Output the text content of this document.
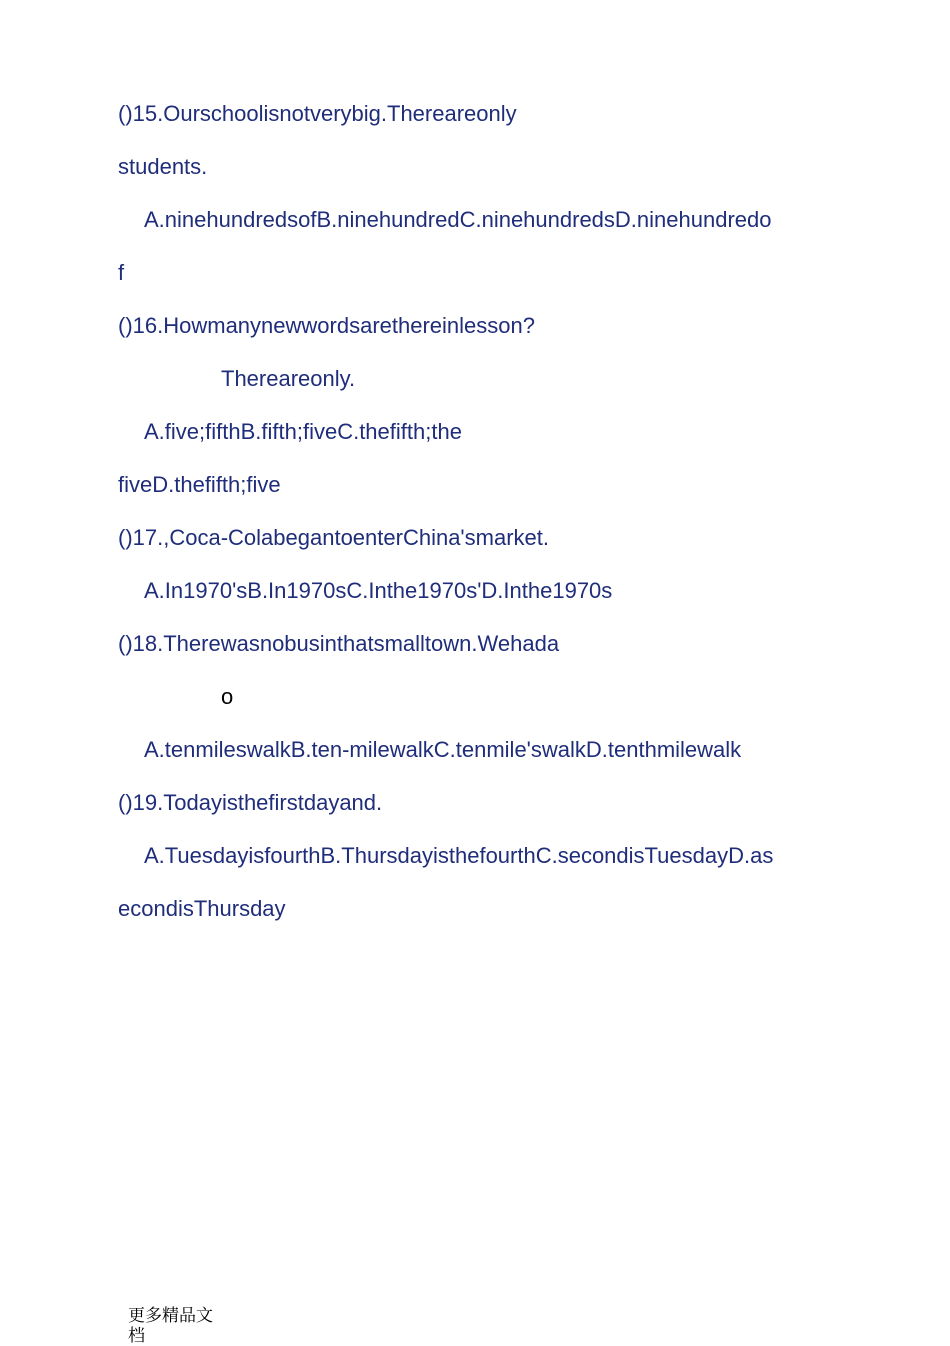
()15.Ourschoolisnotverybig.Thereareonly
students.
A.ninehundredsofB.ninehundredC.ninehundredsD.ninehundredo
f
()16.Howmanynewwordsarethereinlesson?
Thereareonly.
A.five;fifthB.fifth;fiveC.thefifth;the
fiveD.thefifth;five
()17.,Coca-ColabegantoenterChina'smarket.
A.In1970'sB.In1970sC.Inthe1970s'D.Inthe1970s
()18.Therewasnobusinthatsmalltown.Wehada
o
A.tenmileswalkB.ten-milewalkC.tenmile'swalkD.tenthmilewalk
()19.Todayisthefirstdayand.
A.TuesdayisfourthB.ThursdayisthefourthC.secondisTuesdayD.as
econdisThursday
更多精品文档
